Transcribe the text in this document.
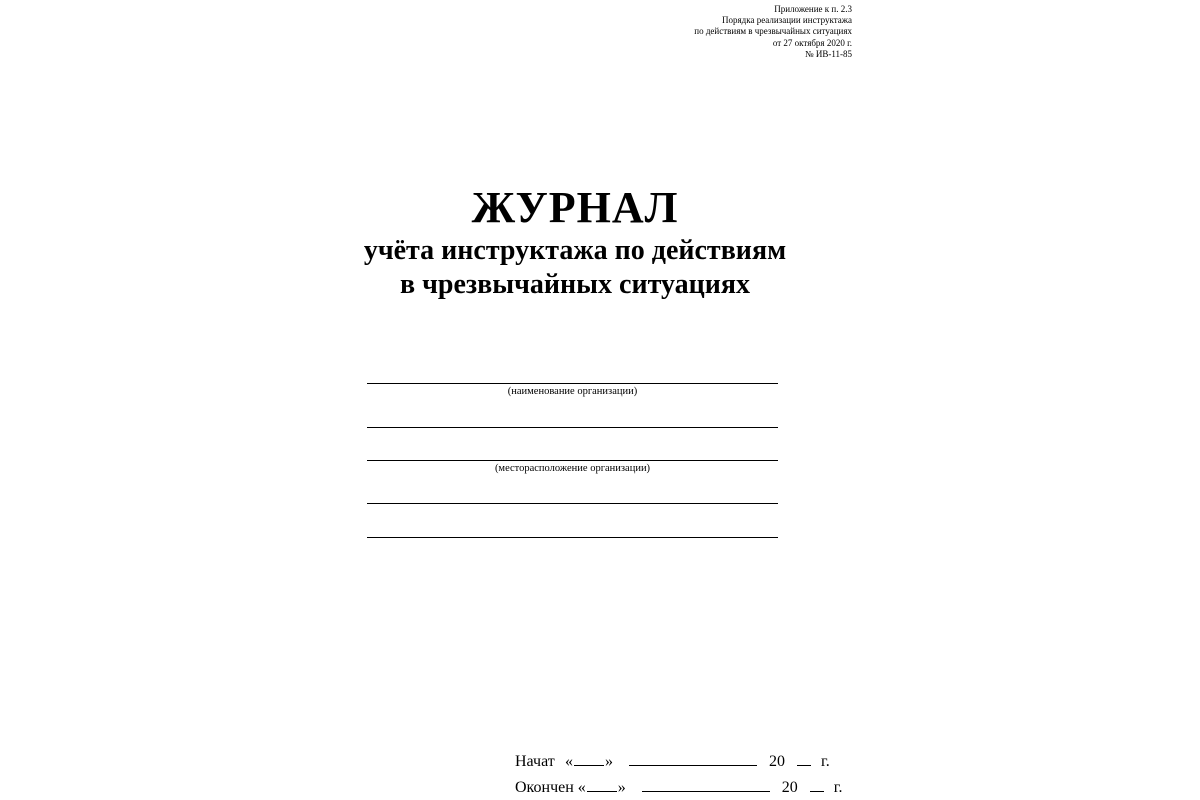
Приложение к п. 2.3
Порядка реализации инструктажа
по действиям в чрезвычайных ситуациях
от 27 октября 2020 г.
№ ИВ-11-85
ЖУРНАЛ
учёта инструктажа по действиям
в чрезвычайных ситуациях
(наименование организации)
(месторасположение организации)
Начат « »	20 г.
Окончен « »	20 г.
